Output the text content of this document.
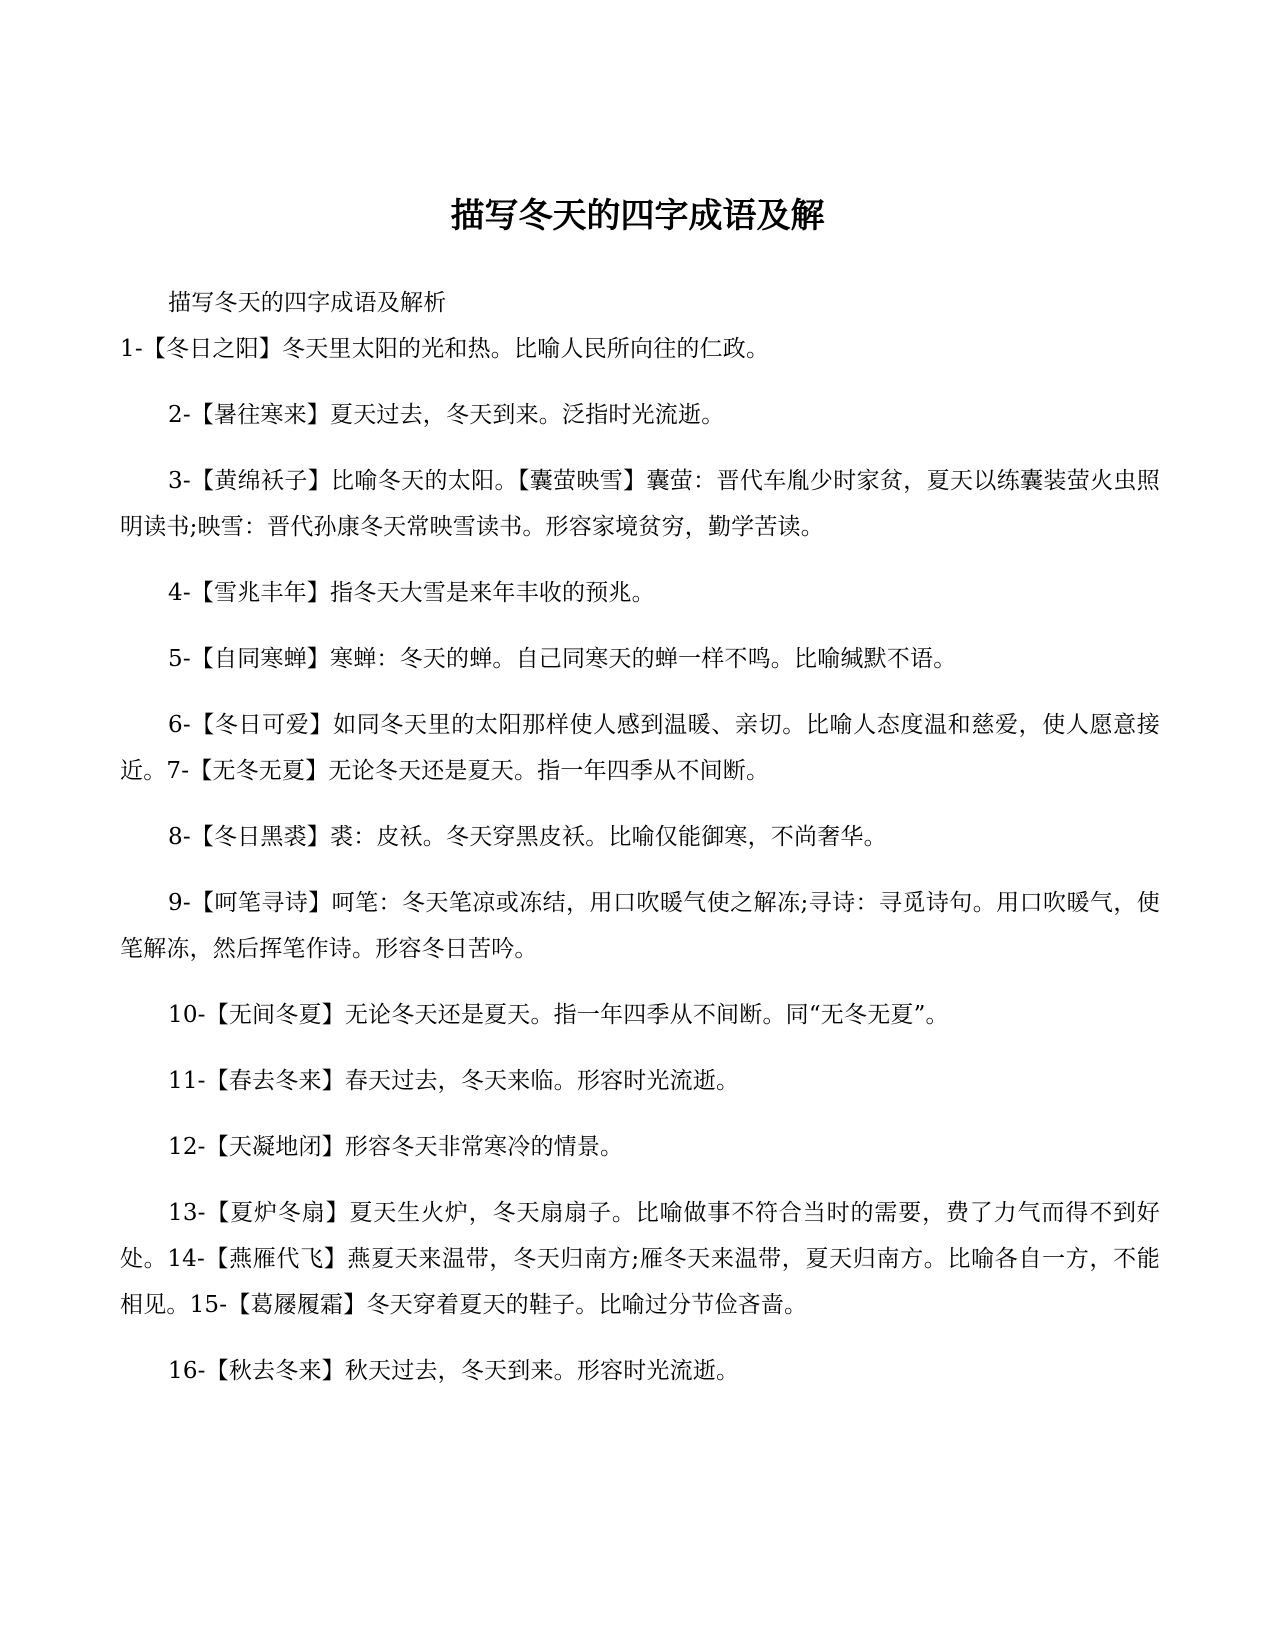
描写冬天的四字成语及解

描写冬天的四字成语及解析

1-【冬日之阳】冬天里太阳的光和热。比喻人民所向往的仁政。

2-【暑往寒来】夏天过去，冬天到来。泛指时光流逝。

3-【黄绵袄子】比喻冬天的太阳。【囊萤映雪】囊萤：晋代车胤少时家贫，夏天以练囊装萤火虫照明读书;映雪：晋代孙康冬天常映雪读书。形容家境贫穷，勤学苦读。

4-【雪兆丰年】指冬天大雪是来年丰收的预兆。

5-【自同寒蝉】寒蝉：冬天的蝉。自己同寒天的蝉一样不鸣。比喻缄默不语。

6-【冬日可爱】如同冬天里的太阳那样使人感到温暖、亲切。比喻人态度温和慈爱，使人愿意接近。7-【无冬无夏】无论冬天还是夏天。指一年四季从不间断。

8-【冬日黑裘】裘：皮袄。冬天穿黑皮袄。比喻仅能御寒，不尚奢华。

9-【呵笔寻诗】呵笔：冬天笔凉或冻结，用口吹暖气使之解冻;寻诗：寻觅诗句。用口吹暖气，使笔解冻，然后挥笔作诗。形容冬日苦吟。

10-【无间冬夏】无论冬天还是夏天。指一年四季从不间断。同“无冬无夏”。

11-【春去冬来】春天过去，冬天来临。形容时光流逝。

12-【天凝地闭】形容冬天非常寒冷的情景。

13-【夏炉冬扇】夏天生火炉，冬天扇扇子。比喻做事不符合当时的需要，费了力气而得不到好处。14-【燕雁代飞】燕夏天来温带，冬天归南方;雁冬天来温带，夏天归南方。比喻各自一方，不能相见。15-【葛屦履霜】冬天穿着夏天的鞋子。比喻过分节俭吝啬。

16-【秋去冬来】秋天过去，冬天到来。形容时光流逝。
